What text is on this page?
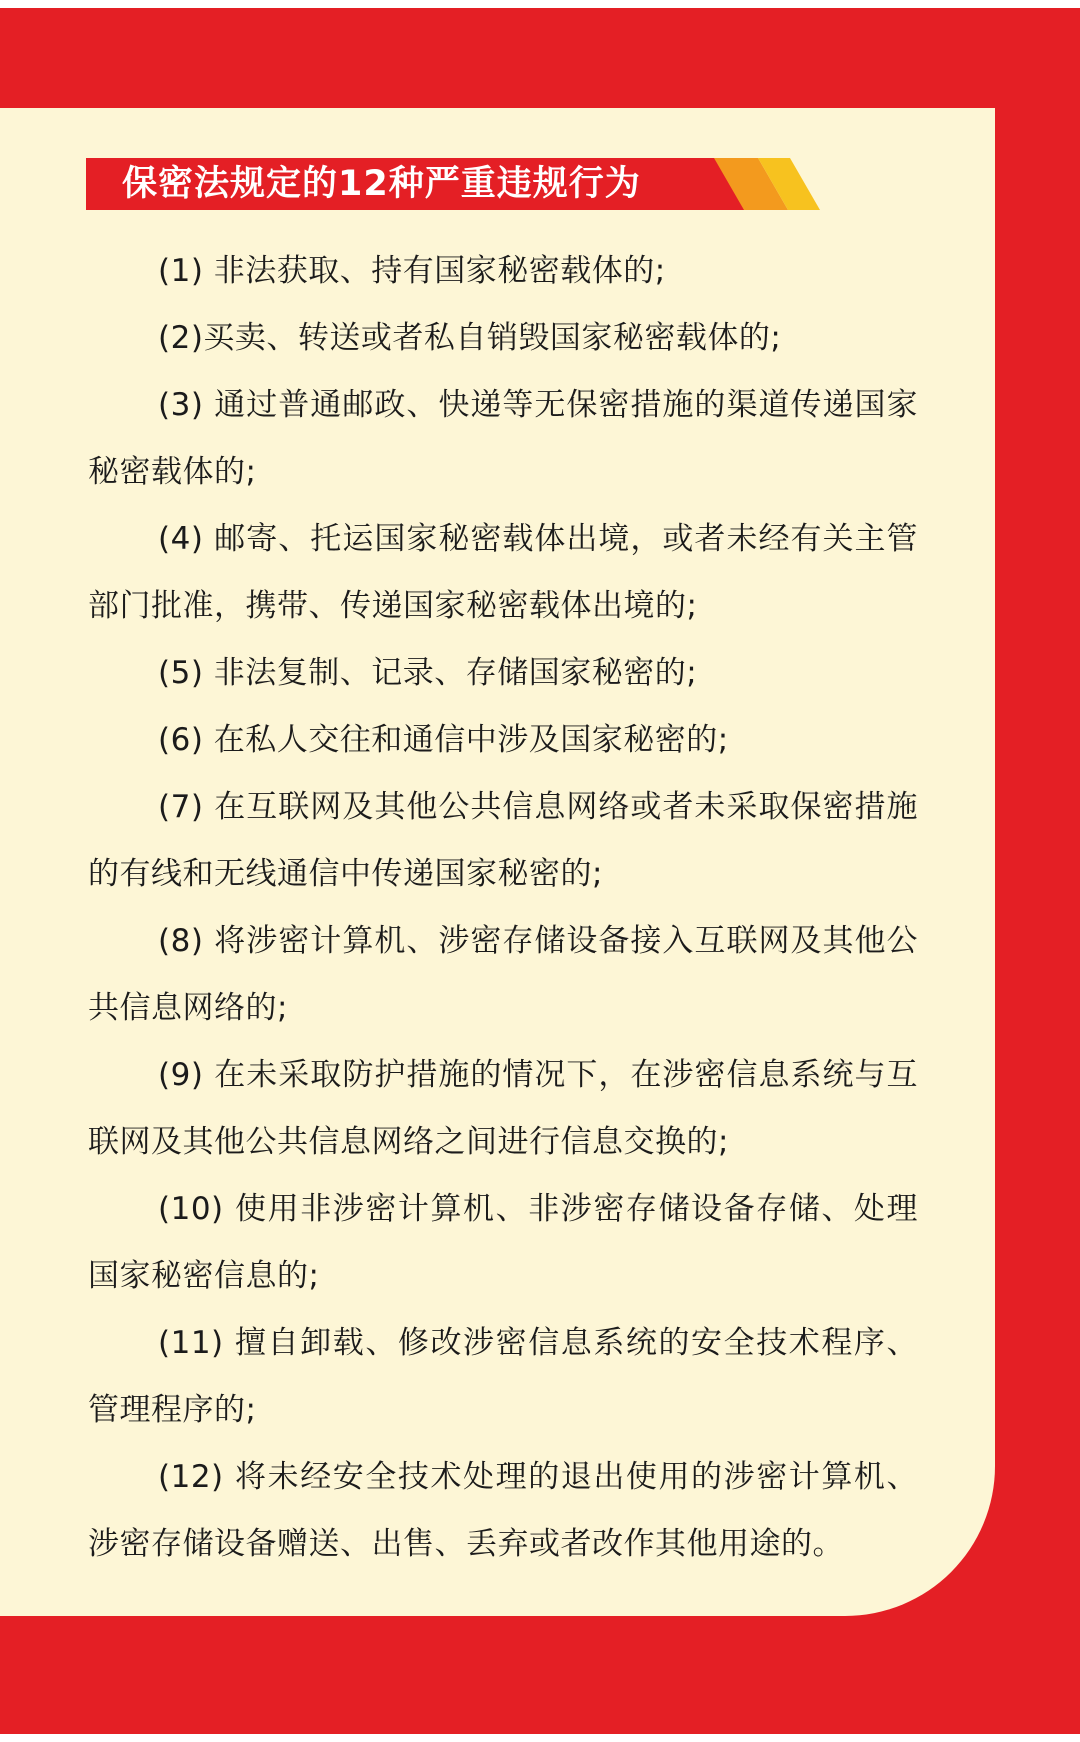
保密法规定的12种严重违规行为
(1) 非法获取、持有国家秘密载体的;
(2)买卖、转送或者私自销毁国家秘密载体的;
(3) 通过普通邮政、快递等无保密措施的渠道传递国家秘密载体的;
(4) 邮寄、托运国家秘密载体出境，或者未经有关主管部门批准，携带、传递国家秘密载体出境的;
(5) 非法复制、记录、存储国家秘密的;
(6) 在私人交往和通信中涉及国家秘密的;
(7) 在互联网及其他公共信息网络或者未采取保密措施的有线和无线通信中传递国家秘密的;
(8) 将涉密计算机、涉密存储设备接入互联网及其他公共信息网络的;
(9) 在未采取防护措施的情况下，在涉密信息系统与互联网及其他公共信息网络之间进行信息交换的;
(10) 使用非涉密计算机、非涉密存储设备存储、处理国家秘密信息的;
(11) 擅自卸载、修改涉密信息系统的安全技术程序、管理程序的;
(12) 将未经安全技术处理的退出使用的涉密计算机、涉密存储设备赠送、出售、丢弃或者改作其他用途的。
